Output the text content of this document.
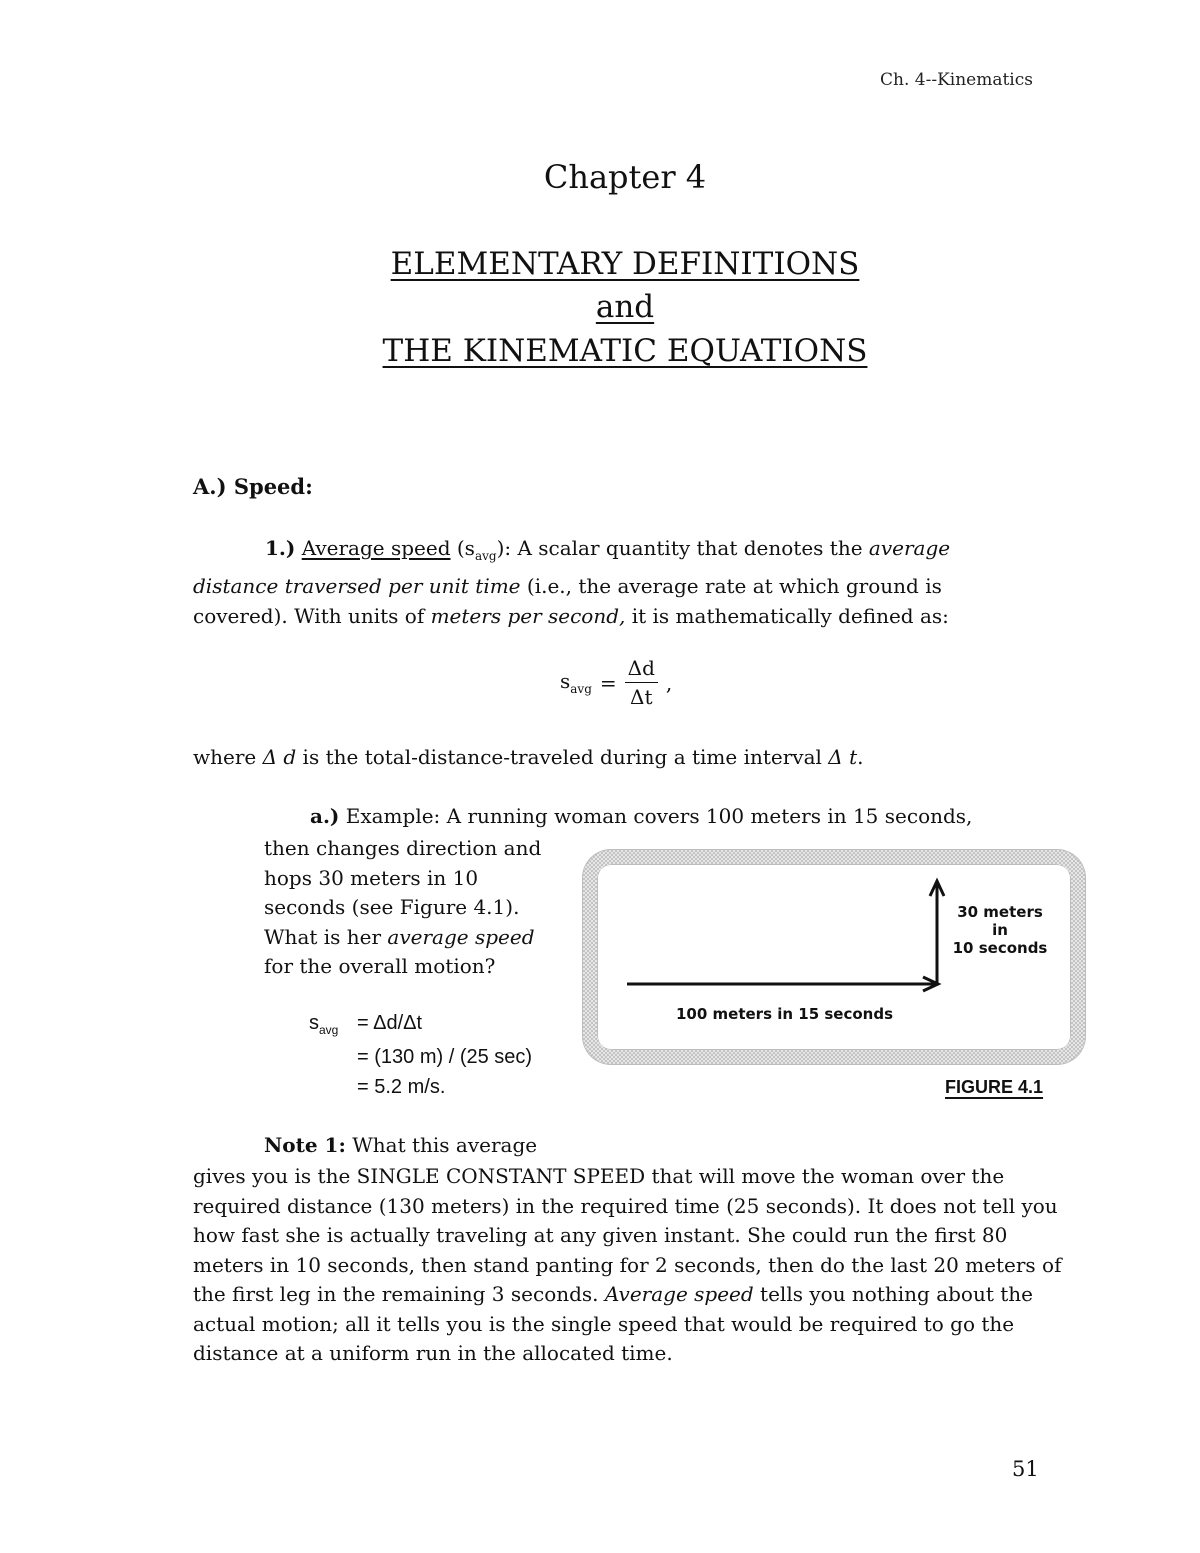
Ch. 4--Kinematics
Chapter 4
ELEMENTARY DEFINITIONS
and
THE KINEMATIC EQUATIONS
A.) Speed:

1.) Average speed $(s_{avg})$: A scalar quantity that denotes the average distance traversed per unit time (i.e., the average rate at which ground is covered). With units of meters per second, it is mathematically defined as:

$s_{avg} = \frac{\Delta d}{\Delta t}$ ,

where Δ d is the total-distance-traveled during a time interval Δ t.

a.) Example: A running woman covers 100 meters in 15 seconds,

then changes direction and hops 30 meters in 10 seconds (see Figure 4.1). What is her average speed for the overall motion?

$s_{avg} = \Delta d/\Delta t$
= (130 m) / (25 sec)
= 5.2 m/s.
100 meters in 15 seconds
30 meters
in
10 seconds
FIGURE 4.1

Note 1: What this average

gives you is the SINGLE CONSTANT SPEED that will move the woman over the required distance (130 meters) in the required time (25 seconds). It does not tell you how fast she is actually traveling at any given instant. She could run the first 80 meters in 10 seconds, then stand panting for 2 seconds, then do the last 20 meters of the first leg in the remaining 3 seconds. Average speed tells you nothing about the actual motion; all it tells you is the single speed that would be required to go the distance at a uniform run in the allocated time.

51
